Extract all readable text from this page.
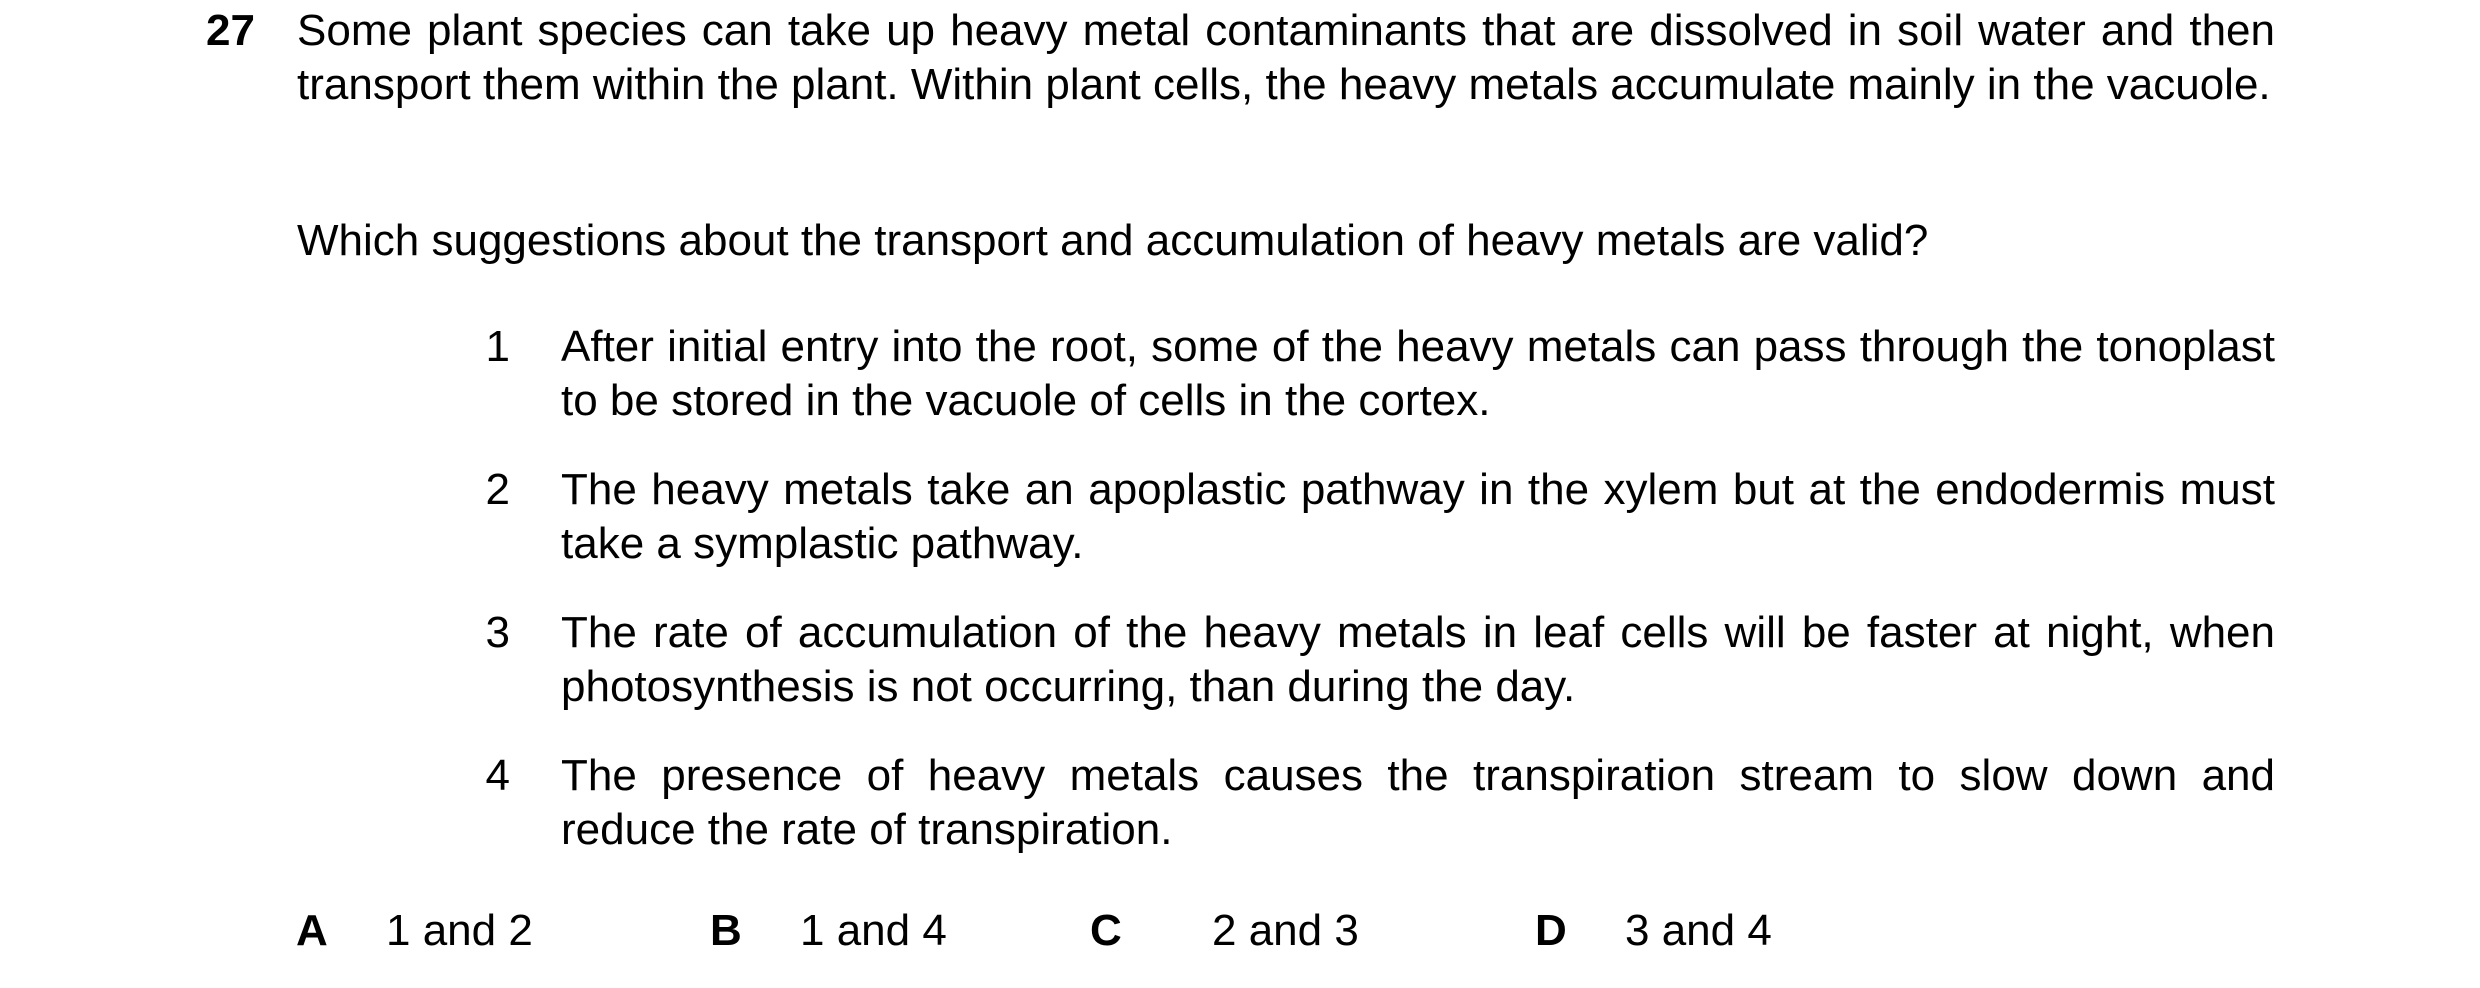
27 Some plant species can take up heavy metal contaminants that are dissolved in soil water and then transport them within the plant. Within plant cells, the heavy metals accumulate mainly in the vacuole.
Which suggestions about the transport and accumulation of heavy metals are valid?
1 After initial entry into the root, some of the heavy metals can pass through the tonoplast to be stored in the vacuole of cells in the cortex.
2 The heavy metals take an apoplastic pathway in the xylem but at the endodermis must take a symplastic pathway.
3 The rate of accumulation of the heavy metals in leaf cells will be faster at night, when photosynthesis is not occurring, than during the day.
4 The presence of heavy metals causes the transpiration stream to slow down and reduce the rate of transpiration.
A 1 and 2	B 1 and 4	C 2 and 3	D 3 and 4
